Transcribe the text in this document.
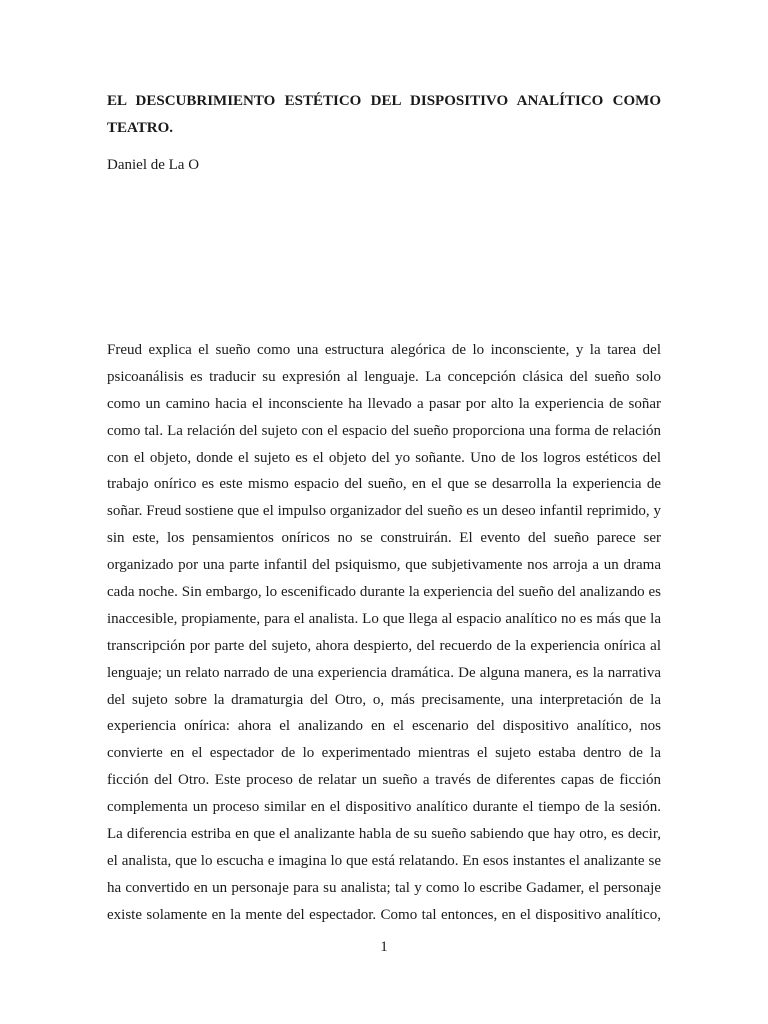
EL DESCUBRIMIENTO ESTÉTICO DEL DISPOSITIVO ANALÍTICO COMO TEATRO.

Daniel de La O

Freud explica el sueño como una estructura alegórica de lo inconsciente, y la tarea del
psicoanálisis es traducir su expresión al lenguaje. La concepción clásica del sueño solo
como un camino hacia el inconsciente ha llevado a pasar por alto la experiencia de soñar
como tal. La relación del sujeto con el espacio del sueño proporciona una forma de relación
con el objeto, donde el sujeto es el objeto del yo soñante. Uno de los logros estéticos del
trabajo onírico es este mismo espacio del sueño, en el que se desarrolla la experiencia de
soñar. Freud sostiene que el impulso organizador del sueño es un deseo infantil reprimido, y
sin este, los pensamientos oníricos no se construirán. El evento del sueño parece ser
organizado por una parte infantil del psiquismo, que subjetivamente nos arroja a un drama
cada noche. Sin embargo, lo escenificado durante la experiencia del sueño del analizando es
inaccesible, propiamente, para el analista. Lo que llega al espacio analítico no es más que la
transcripción por parte del sujeto, ahora despierto, del recuerdo de la experiencia onírica al
lenguaje; un relato narrado de una experiencia dramática. De alguna manera, es la narrativa
del sujeto sobre la dramaturgia del Otro, o, más precisamente, una interpretación de la
experiencia onírica: ahora el analizando en el escenario del dispositivo analítico, nos
convierte en el espectador de lo experimentado mientras el sujeto estaba dentro de la
ficción del Otro. Este proceso de relatar un sueño a través de diferentes capas de ficción
complementa un proceso similar en el dispositivo analítico durante el tiempo de la sesión.
La diferencia estriba en que el analizante habla de su sueño sabiendo que hay otro, es decir,
el analista, que lo escucha e imagina lo que está relatando. En esos instantes el analizante se
ha convertido en un personaje para su analista; tal y como lo escribe Gadamer, el personaje
existe solamente en la mente del espectador. Como tal entonces, en el dispositivo analítico,

1
